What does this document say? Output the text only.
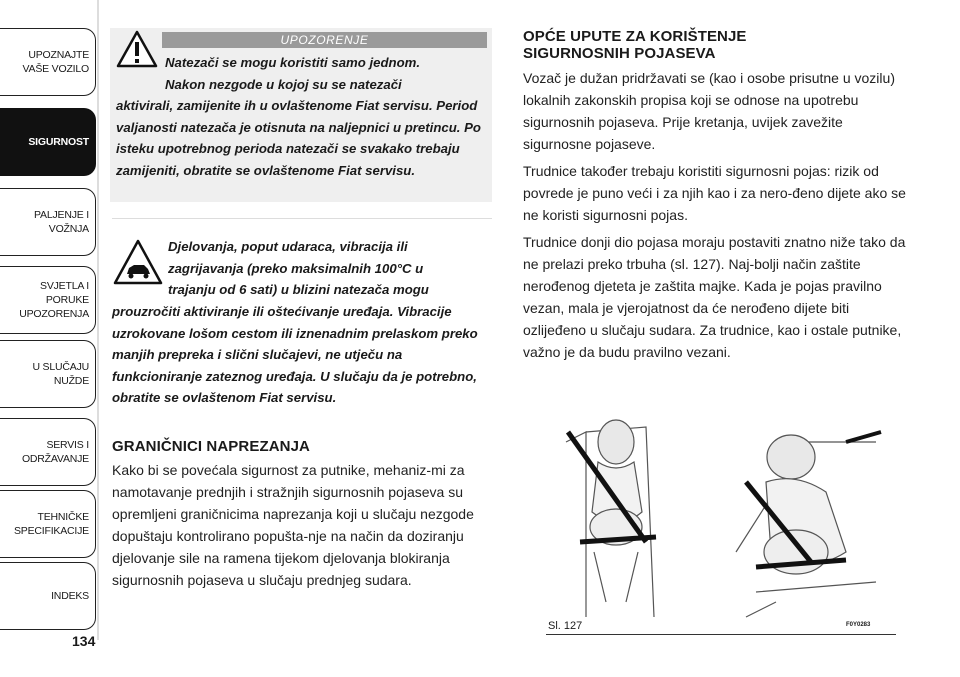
UPOZNAJTE
VAŠE VOZILO
SIGURNOST
PALJENJE I
VOŽNJA
SVJETLA I PORUKE
UPOZORENJA
U SLUČAJU
NUŽDE
SERVIS I
ODRŽAVANJE
TEHNIČKE
SPECIFIKACIJE
INDEKS
134
UPOZORENJE
Natezači se mogu koristiti samo jednom.
Nakon nezgode u kojoj su se natezači
aktivirali, zamijenite ih u ovlaštenome Fiat servisu. Period valjanosti natezača je otisnuta na naljepnici u pretincu. Po isteku upotrebnog perioda natezači se svakako trebaju zamijeniti, obratite se ovlaštenome Fiat servisu.
Djelovanja, poput udaraca, vibracija ili
zagrijavanja (preko maksimalnih 100°C u
trajanju od 6 sati) u blizini natezača mogu
prouzročiti aktiviranje ili oštećivanje uređaja. Vibracije uzrokovane lošom cestom ili iznenadnim prelaskom preko manjih prepreka i slični slučajevi, ne utječu na funkcioniranje zateznog uređaja. U slučaju da je potrebno, obratite se ovlaštenom Fiat servisu.
GRANIČNICI NAPREZANJA

Kako bi se povećala sigurnost za putnike, mehaniz-mi za namotavanje prednjih i stražnjih sigurnosnih pojaseva su opremljeni graničnicima naprezanja koji u slučaju nezgode dopuštaju kontrolirano popušta-nje na način da doziranju djelovanje sile na ramena tijekom djelovanja blokiranja sigurnosnih pojaseva u slučaju prednjeg sudara.

OPĆE UPUTE ZA KORIŠTENJE
SIGURNOSNIH POJASEVA

Vozač je dužan pridržavati se (kao i osobe prisutne u vozilu) lokalnih zakonskih propisa koji se odnose na upotrebu sigurnosnih pojaseva. Prije kretanja, uvijek zavežite sigurnosne pojaseve.

Trudnice također trebaju koristiti sigurnosni pojas: rizik od povrede je puno veći i za njih kao i za nero-đeno dijete ako se ne koristi sigurnosni pojas.

Trudnice donji dio pojasa moraju postaviti znatno niže tako da ne prelazi preko trbuha (sl. 127). Naj-bolji način zaštite nerođenog djeteta je zaštita majke. Kada je pojas pravilno vezan, mala je vjerojatnost da će nerođeno dijete biti ozlijeđeno u slučaju sudara. Za trudnice, kao i ostale putnike, važno je da budu pravilno vezani.

Sl. 127	F0Y0283
